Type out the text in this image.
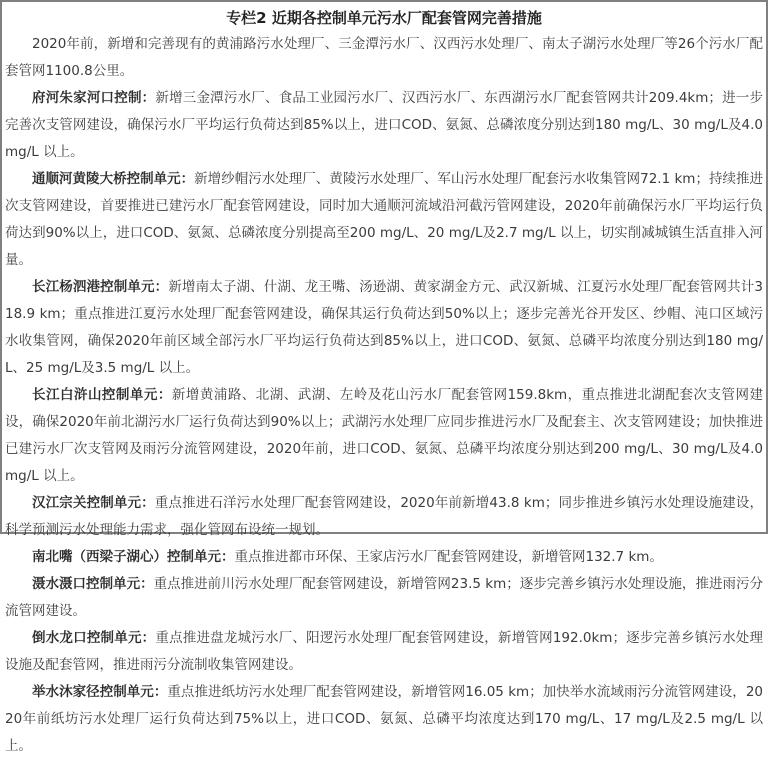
专栏2 近期各控制单元污水厂配套管网完善措施

2020年前，新增和完善现有的黄浦路污水处理厂、三金潭污水厂、汉西污水处理厂、南太子湖污水处理厂等26个污水厂配套管网1100.8公里。

府河朱家河口控制：新增三金潭污水厂、食品工业园污水厂、汉西污水厂、东西湖污水厂配套管网共计209.4km；进一步完善次支管网建设，确保污水厂平均运行负荷达到85%以上，进口COD、氨氮、总磷浓度分别达到180 mg/L、30 mg/L及4.0 mg/L 以上。

通顺河黄陵大桥控制单元：新增纱帽污水处理厂、黄陵污水处理厂、军山污水处理厂配套污水收集管网72.1 km；持续推进次支管网建设，首要推进已建污水厂配套管网建设，同时加大通顺河流域沿河截污管网建设，2020年前确保污水厂平均运行负荷达到90%以上，进口COD、氨氮、总磷浓度分别提高至200 mg/L、20 mg/L及2.7 mg/L 以上，切实削减城镇生活直排入河量。

长江杨泗港控制单元：新增南太子湖、什湖、龙王嘴、汤逊湖、黄家湖金方元、武汉新城、江夏污水处理厂配套管网共计318.9 km；重点推进江夏污水处理厂配套管网建设，确保其运行负荷达到50%以上；逐步完善光谷开发区、纱帽、沌口区域污水收集管网，确保2020年前区域全部污水厂平均运行负荷达到85%以上，进口COD、氨氮、总磷平均浓度分别达到180 mg/L、25 mg/L及3.5 mg/L 以上。

长江白浒山控制单元：新增黄浦路、北湖、武湖、左岭及花山污水厂配套管网159.8km，重点推进北湖配套次支管网建设，确保2020年前北湖污水厂运行负荷达到90%以上；武湖污水处理厂应同步推进污水厂及配套主、次支管网建设；加快推进已建污水厂次支管网及雨污分流管网建设，2020年前，进口COD、氨氮、总磷平均浓度分别达到200 mg/L、30 mg/L及4.0 mg/L 以上。

汉江宗关控制单元：重点推进石洋污水处理厂配套管网建设，2020年前新增43.8 km；同步推进乡镇污水处理设施建设，科学预测污水处理能力需求，强化管网布设统一规划。

南北嘴（西梁子湖心）控制单元：重点推进都市环保、王家店污水厂配套管网建设，新增管网132.7 km。

滠水滠口控制单元：重点推进前川污水处理厂配套管网建设，新增管网23.5 km；逐步完善乡镇污水处理设施，推进雨污分流管网建设。

倒水龙口控制单元：重点推进盘龙城污水厂、阳逻污水处理厂配套管网建设，新增管网192.0km；逐步完善乡镇污水处理设施及配套管网，推进雨污分流制收集管网建设。

举水沐家径控制单元：重点推进纸坊污水处理厂配套管网建设，新增管网16.05 km；加快举水流域雨污分流管网建设，2020年前纸坊污水处理厂运行负荷达到75%以上，进口COD、氨氮、总磷平均浓度达到170 mg/L、17 mg/L及2.5 mg/L 以上。
